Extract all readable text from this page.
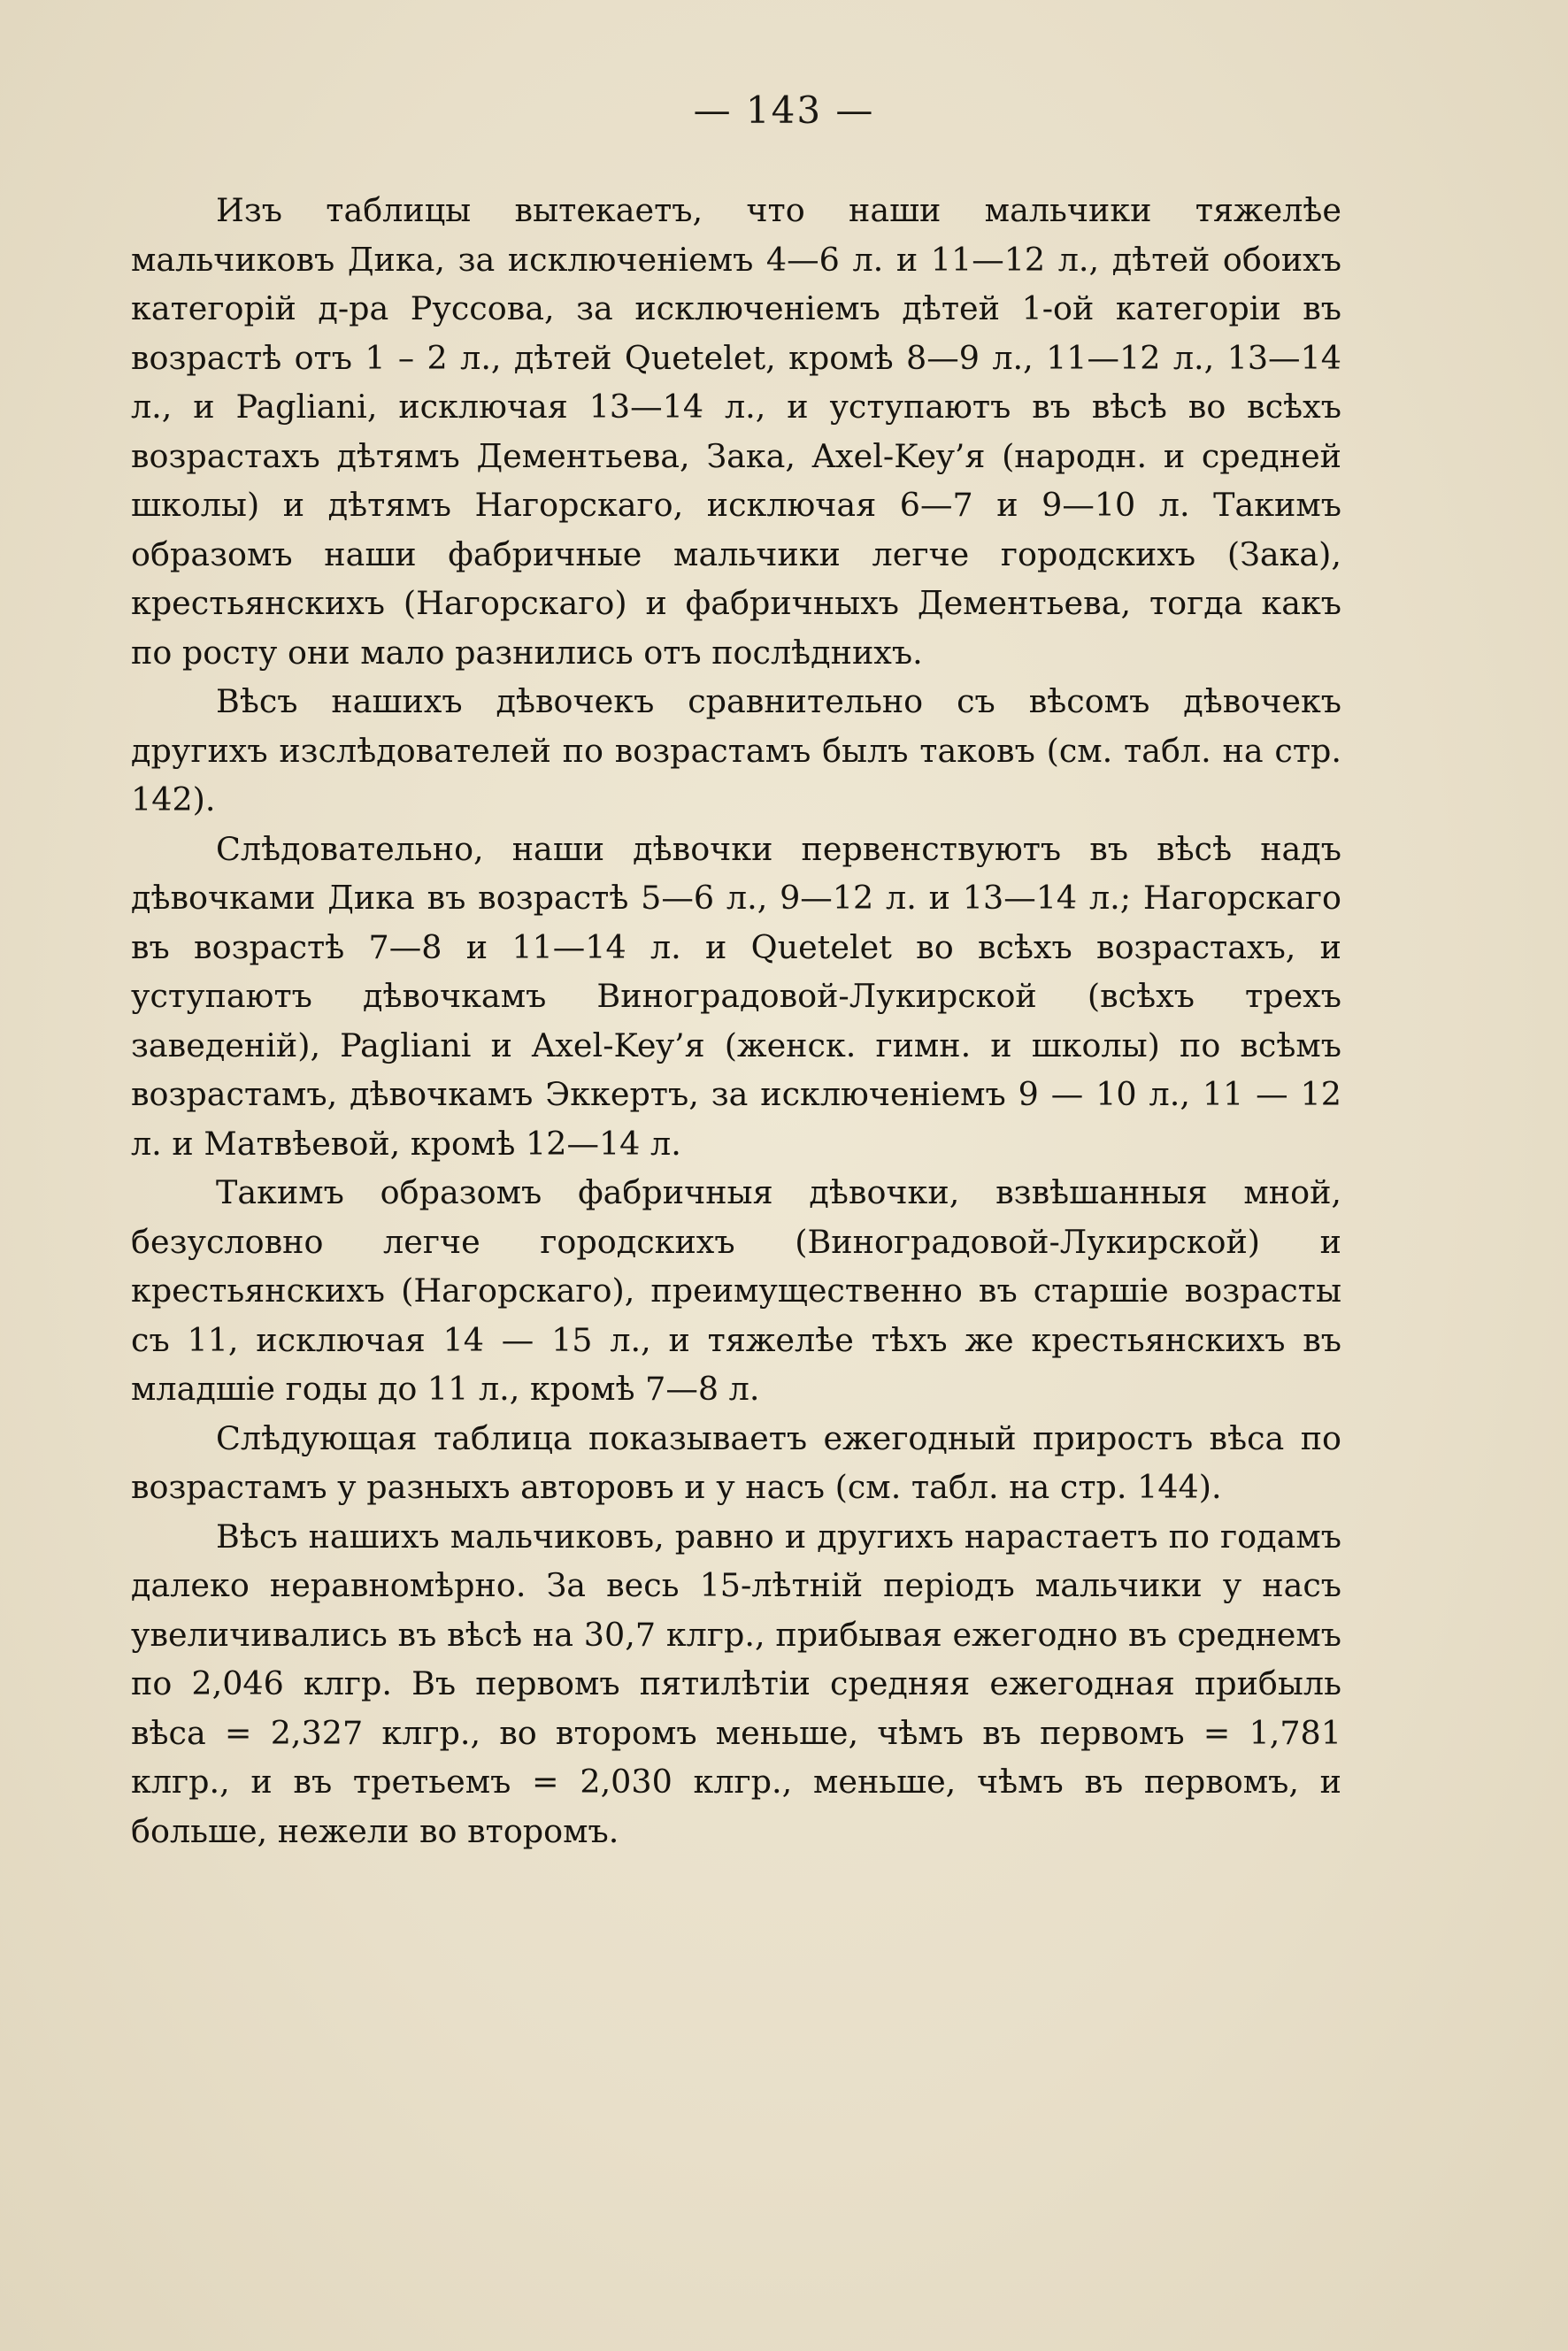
— 143 —

Изъ таблицы вытекаетъ, что наши мальчики тяжелѣе мальчиковъ Дика, за исключеніемъ 4—6 л. и 11—12 л., дѣтей обоихъ категорій д-ра Руссова, за исключеніемъ дѣтей 1-ой категоріи въ возрастѣ отъ 1 – 2 л., дѣтей Quetelet, кромѣ 8—9 л., 11—12 л., 13—14 л., и Pagliani, исключая 13—14 л., и уступаютъ въ вѣсѣ во всѣхъ возрастахъ дѣтямъ Дементьева, Зака, Axel-Key’я (народн. и средней школы) и дѣтямъ Нагорскаго, исключая 6—7 и 9—10 л. Такимъ образомъ наши фабричные мальчики легче городскихъ (Зака), крестьянскихъ (Нагорскаго) и фабричныхъ Дементьева, тогда какъ по росту они мало разнились отъ послѣднихъ.

Вѣсъ нашихъ дѣвочекъ сравнительно съ вѣсомъ дѣвочекъ другихъ изслѣдователей по возрастамъ былъ таковъ (см. табл. на стр. 142).

Слѣдовательно, наши дѣвочки первенствуютъ въ вѣсѣ надъ дѣвочками Дика въ возрастѣ 5—6 л., 9—12 л. и 13—14 л.; Нагорскаго въ возрастѣ 7—8 и 11—14 л. и Quetelet во всѣхъ возрастахъ, и уступаютъ дѣвочкамъ Виноградовой-Лукирской (всѣхъ трехъ заведеній), Pagliani и Axel-Key’я (женск. гимн. и школы) по всѣмъ возрастамъ, дѣвочкамъ Эккертъ, за исключеніемъ 9 — 10 л., 11 — 12 л. и Матвѣевой, кромѣ 12—14 л.

Такимъ образомъ фабричныя дѣвочки, взвѣшанныя мной, безусловно легче городскихъ (Виноградовой-Лукирской) и крестьянскихъ (Нагорскаго), преимущественно въ старшіе возрасты съ 11, исключая 14 — 15 л., и тяжелѣе тѣхъ же крестьянскихъ въ младшіе годы до 11 л., кромѣ 7—8 л.

Слѣдующая таблица показываетъ ежегодный приростъ вѣса по возрастамъ у разныхъ авторовъ и у насъ (см. табл. на стр. 144).

Вѣсъ нашихъ мальчиковъ, равно и другихъ нарастаетъ по годамъ далеко неравномѣрно. За весь 15-лѣтній періодъ мальчики у насъ увеличивались въ вѣсѣ на 30,7 клгр., прибывая ежегодно въ среднемъ по 2,046 клгр. Въ первомъ пятилѣтіи средняя ежегодная прибыль вѣса = 2,327 клгр., во второмъ меньше, чѣмъ въ первомъ = 1,781 клгр., и въ третьемъ = 2,030 клгр., меньше, чѣмъ въ первомъ, и больше, нежели во второмъ.
